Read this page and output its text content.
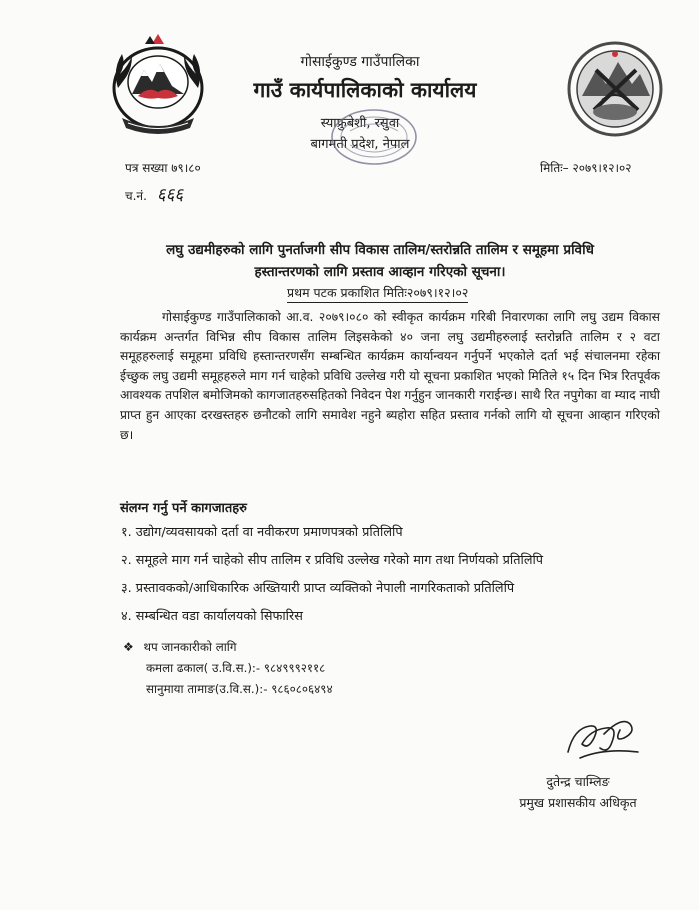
गोसाईकुण्ड गाउँपालिका
गाउँ कार्यपालिकाको कार्यालय
स्याफ्रुबेशी, रसुवा
बागमती प्रदेश, नेपाल
पत्र सख्या ७९।८०	मितिः– २०७९।१२।०२
च.नं. ६६६
लघु उद्यमीहरुको लागि पुनर्ताजगी सीप विकास तालिम/स्तरोन्नति तालिम र समूहमा प्रविधि
हस्तान्तरणको लागि प्रस्ताव आव्हान गरिएको सूचना।
प्रथम पटक प्रकाशित मितिः२०७९।१२।०२
गोसाईकुण्ड गाउँपालिकाको आ.व. २०७९।०८० को स्वीकृत कार्यक्रम गरिबी निवारणका लागि लघु उद्यम विकास कार्यक्रम अन्तर्गत विभिन्न सीप विकास तालिम लिइसकेको ४० जना लघु उद्यमीहरुलाई स्तरोन्नति तालिम र २ वटा समूहहरुलाई समूहमा प्रविधि हस्तान्तरणसँग सम्बन्धित कार्यक्रम कार्यान्वयन गर्नुपर्ने भएकोले दर्ता भई संचालनमा रहेका ईच्छुक लघु उद्यमी समूहहरुले माग गर्न चाहेको प्रविधि उल्लेख गरी यो सूचना प्रकाशित भएको मितिले १५ दिन भित्र रितपूर्वक आवश्यक तपशिल बमोजिमको कागजातहरुसहितको निवेदन पेश गर्नुहुन जानकारी गराईन्छ। साथै रित नपुगेका वा म्याद नाघी प्राप्त हुन आएका दरखस्तहरु छनौटको लागि समावेश नहुने ब्यहोरा सहित प्रस्ताव गर्नको लागि यो सूचना आव्हान गरिएको छ।
संलग्न गर्नु पर्ने कागजातहरु
१. उद्योग/व्यवसायको दर्ता वा नवीकरण प्रमाणपत्रको प्रतिलिपि
२. समूहले माग गर्न चाहेको सीप तालिम र प्रविधि उल्लेख गरेको माग तथा निर्णयको प्रतिलिपि
३. प्रस्तावकको/आधिकारिक अख्तियारी प्राप्त व्यक्तिको नेपाली नागरिकताको प्रतिलिपि
४. सम्बन्धित वडा कार्यालयको सिफारिस
❖ थप जानकारीको लागि
कमला ढकाल( उ.वि.स.):- ९८४९९९२११८
सानुमाया तामाङ(उ.वि.स.):- ९८६०८०६४९४
दुतेन्द्र चाम्लिङ
प्रमुख प्रशासकीय अधिकृत
